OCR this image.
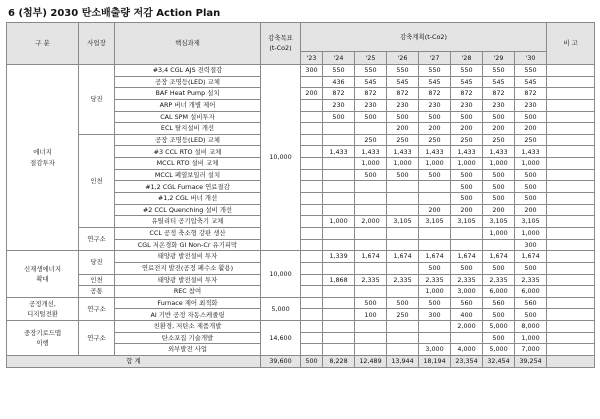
6 (첨부) 2030 탄소배출량 저감 Action Plan
구 분	사업장	핵심과제	감축목표
(t-Co2)	감축계획(t-Co2)								비 고
				'23	'24	'25	'26	'27	'28	'29	'30	
에너지
절감투자	당진	#3,4 CGL AJS 전력절감	10,000	300	550	550	550	550	550	550	550	
		공장 조명등(LED) 교체			436	545	545	545	545	545	545	
		BAF Heat Pump 설치		200	872	872	872	872	872	872	872	
		ARP 버너 개별 제어			230	230	230	230	230	230	230	
		CAL SPM 설비투자			500	500	500	500	500	500	500	
		ECL 탈지설비 개선					200	200	200	200	200	
	인천	공장 조명등(LED) 교체				250	250	250	250	250	250	
		#3 CCL RTO 설비 교체			1,433	1,433	1,433	1,433	1,433	1,433	1,433	
		MCCL RTO 설비 교체				1,000	1,000	1,000	1,000	1,000	1,000	
		MCCL 폐열보일러 설치				500	500	500	500	500	500	
		#1,2 CGL Furnace 연료절감							500	500	500	
		#1,2 CGL 버너 개선							500	500	500	
		#2 CCL Quenching 설비 개선						200	200	200	200	
		유틸리티 공기압축기 교체			1,000	2,000	3,105	3,105	3,105	3,105	3,105	
	연구소	CCL 공정 축소형 강판 생산								1,000	1,000	
		CGL 저온경화 GI Non-Cr 유기피막									300	
신재생에너지
확대	당진	태양광 발전설비 투자	10,000		1,339	1,674	1,674	1,674	1,674	1,674	1,674	
		연료전지 발전(공정 폐수소 활용)						500	500	500	500	
	인천	태양광 발전설비 투자			1,868	2,335	2,335	2,335	2,335	2,335	2,335	
	공통	REC 참여						1,000	3,000	6,000	6,000	
공정개선,
디지털전환	연구소	Furnace 제어 최적화	5,000			500	500	500	560	560	560	
		AI 기반 공정 자동스케줄링				100	250	300	400	500	500	
중장기로드맵
이행	연구소	친환경, 저탄소 제품개발	14,600						2,000	5,000	8,000	
		탄소포집 기술개발								500	1,000	
		외부발전 사업						3,000	4,000	5,000	7,000	
합 계			39,600	500	8,228	12,489	13,944	18,194	23,354	32,454	39,254	
